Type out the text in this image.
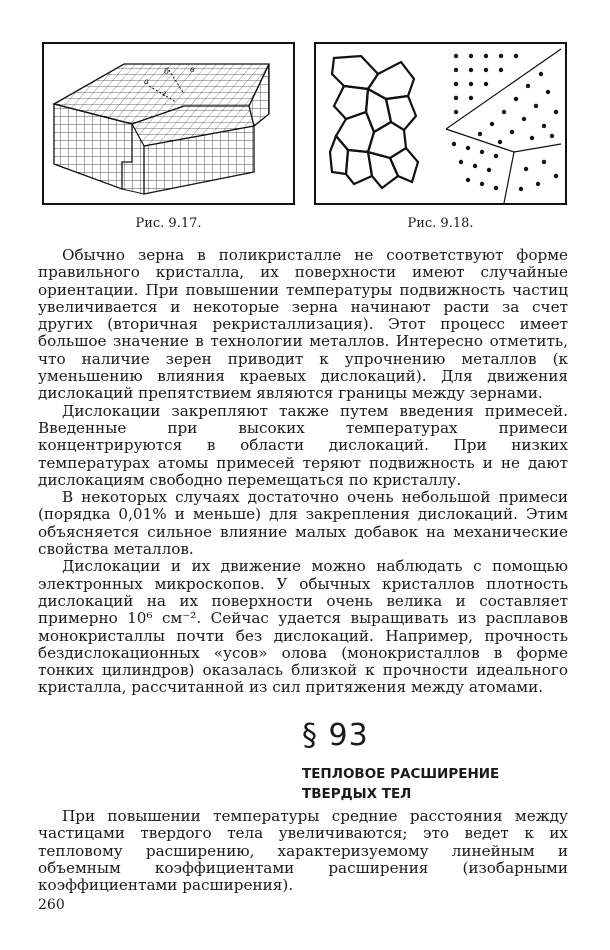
б	в
а
г
Рис. 9.17.	Рис. 9.18.

Обычно зерна в поликристалле не соответствуют форме правильного кристалла, их поверхности имеют случайные ориентации. При повышении температуры подвижность частиц увеличивается и некоторые зерна начинают расти за счет других (вторичная рекристаллизация). Этот процесс имеет большое значение в технологии металлов. Интересно отметить, что наличие зерен приводит к упрочнению металлов (к уменьшению влияния краевых дислокаций). Для движения дислокаций препятствием являются границы между зернами.

Дислокации закрепляют также путем введения примесей. Введенные при высоких температурах примеси концентрируются в области дислокаций. При низких температурах атомы примесей теряют подвижность и не дают дислокациям свободно перемещаться по кристаллу.

В некоторых случаях достаточно очень небольшой примеси (порядка 0,01% и меньше) для закрепления дислокаций. Этим объясняется сильное влияние малых добавок на механические свойства металлов.

Дислокации и их движение можно наблюдать с помощью электронных микроскопов. У обычных кристаллов плотность дислокаций на их поверхности очень велика и составляет примерно 10⁶ см⁻². Сейчас удается выращивать из расплавов монокристаллы почти без дислокаций. Например, прочность бездислокационных «усов» олова (монокристаллов в форме тонких цилиндров) оказалась близкой к прочности идеального кристалла, рассчитанной из сил притяжения между атомами.

§ 93
ТЕПЛОВОЕ РАСШИРЕНИЕ
ТВЕРДЫХ ТЕЛ

При повышении температуры средние расстояния между частицами твердого тела увеличиваются; это ведет к их тепловому расширению, характеризуемому линейным и объемным коэффициентами расширения (изобарными коэффициентами расширения).

260
